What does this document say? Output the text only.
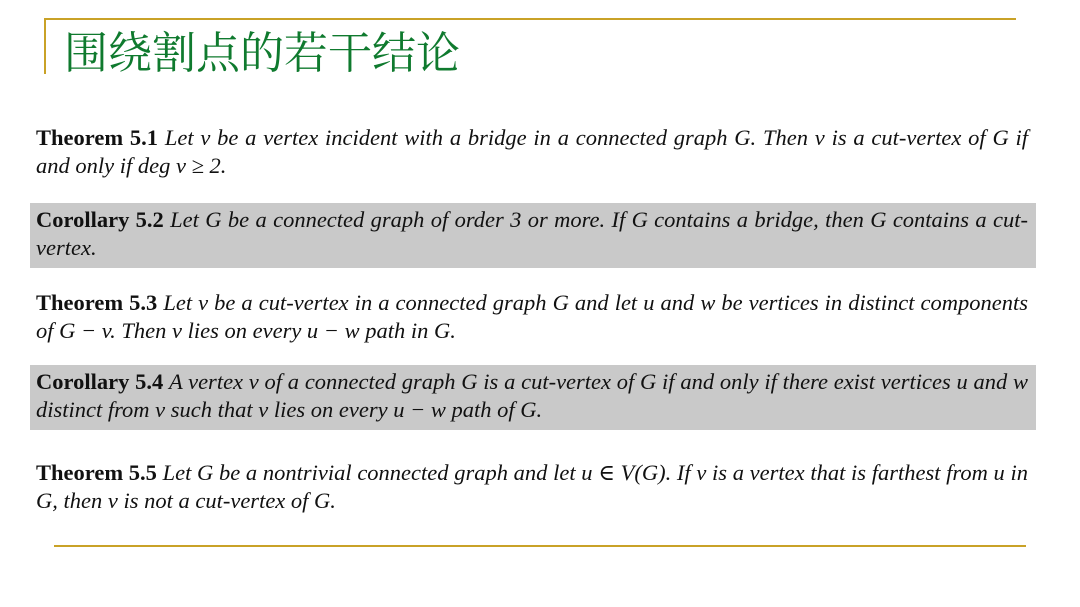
围绕割点的若干结论
Theorem 5.1 Let v be a vertex incident with a bridge in a connected graph G. Then v is a cut-vertex of G if and only if deg v ≥ 2.
Corollary 5.2 Let G be a connected graph of order 3 or more. If G contains a bridge, then G contains a cut-vertex.
Theorem 5.3 Let v be a cut-vertex in a connected graph G and let u and w be vertices in distinct components of G − v. Then v lies on every u − w path in G.
Corollary 5.4 A vertex v of a connected graph G is a cut-vertex of G if and only if there exist vertices u and w distinct from v such that v lies on every u − w path of G.
Theorem 5.5 Let G be a nontrivial connected graph and let u ∈ V(G). If v is a vertex that is farthest from u in G, then v is not a cut-vertex of G.
